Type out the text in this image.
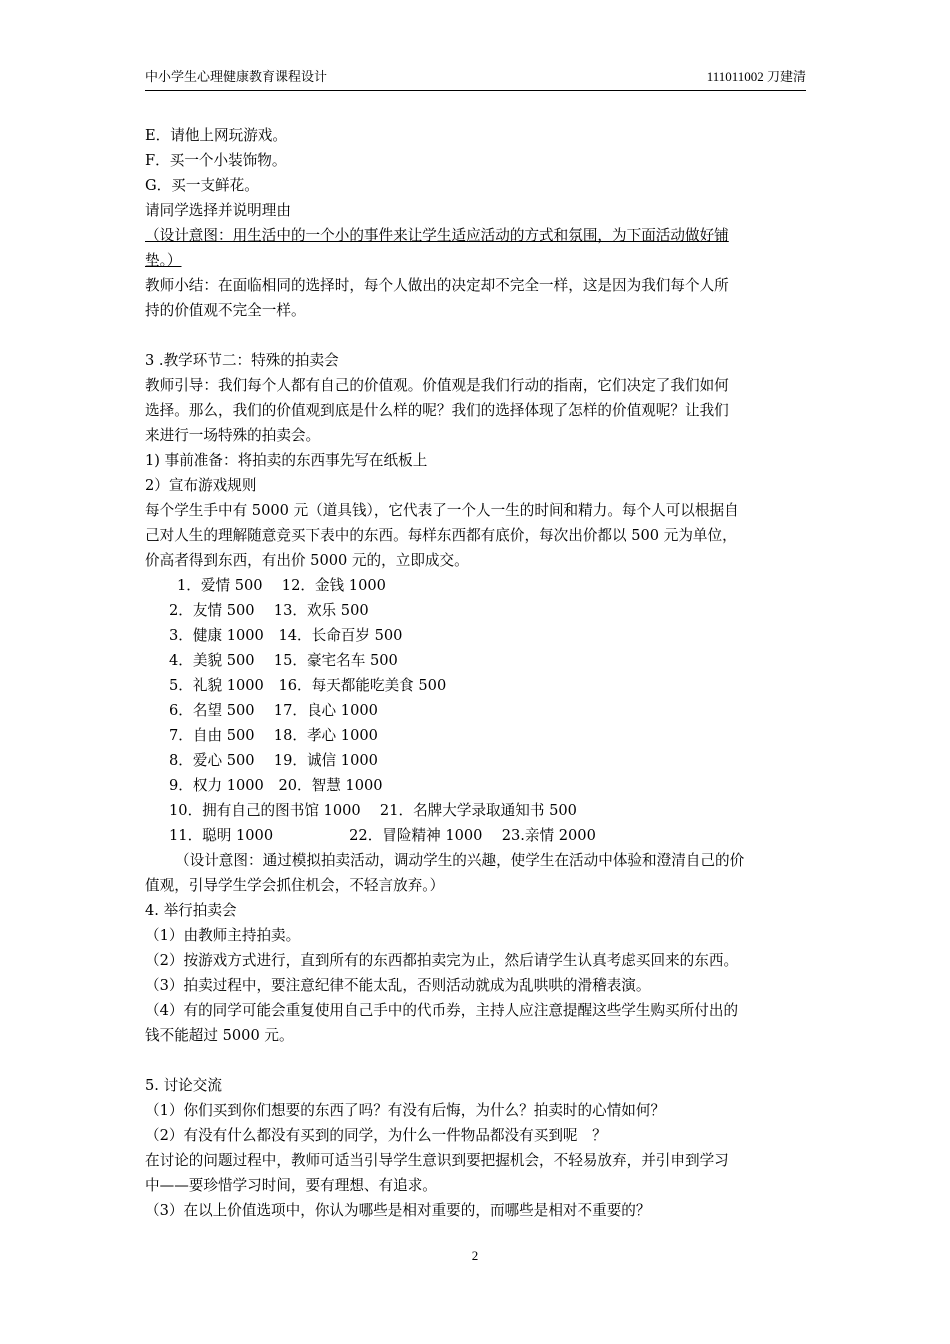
中小学生心理健康教育课程设计	111011002 刀建清

E．请他上网玩游戏。

F．买一个小装饰物。

G．买一支鲜花。

请同学选择并说明理由

（设计意图：用生活中的一个小的事件来让学生适应活动的方式和氛围，为下面活动做好铺

垫。）

教师小结：在面临相同的选择时，每个人做出的决定却不完全一样，这是因为我们每个人所

持的价值观不完全一样。

3 .教学环节二：特殊的拍卖会

教师引导：我们每个人都有自己的价值观。价值观是我们行动的指南，它们决定了我们如何

选择。那么，我们的价值观到底是什么样的呢？我们的选择体现了怎样的价值观呢？让我们

来进行一场特殊的拍卖会。

1) 事前准备：将拍卖的东西事先写在纸板上

2）宣布游戏规则

每个学生手中有 5000 元（道具钱），它代表了一个人一生的时间和精力。每个人可以根据自

己对人生的理解随意竞买下表中的东西。每样东西都有底价，每次出价都以 500 元为单位，

价高者得到东西，有出价 5000 元的，立即成交。

1．爱情 500　 12．金钱 1000

2．友情 500　 13．欢乐 500

3．健康 1000　14．长命百岁 500

4．美貌 500　 15．豪宅名车 500

5．礼貌 1000　16．每天都能吃美食 500

6．名望 500　 17．良心 1000

7．自由 500　 18．孝心 1000

8．爱心 500　 19．诚信 1000

9．权力 1000　20．智慧 1000

10．拥有自己的图书馆 1000　 21．名牌大学录取通知书 500

11．聪明 1000	22．冒险精神 1000　 23.亲情 2000

（设计意图：通过模拟拍卖活动，调动学生的兴趣，使学生在活动中体验和澄清自己的价

值观，引导学生学会抓住机会，不轻言放弃。）

4. 举行拍卖会

（1）由教师主持拍卖。

（2）按游戏方式进行，直到所有的东西都拍卖完为止，然后请学生认真考虑买回来的东西。

（3）拍卖过程中，要注意纪律不能太乱，否则活动就成为乱哄哄的滑稽表演。

（4）有的同学可能会重复使用自己手中的代币券，主持人应注意提醒这些学生购买所付出的

钱不能超过 5000 元。

5. 讨论交流

（1）你们买到你们想要的东西了吗？有没有后悔，为什么？拍卖时的心情如何？

（2）有没有什么都没有买到的同学，为什么一件物品都没有买到呢　？

在讨论的问题过程中，教师可适当引导学生意识到要把握机会，不轻易放弃，并引申到学习

中——要珍惜学习时间，要有理想、有追求。

（3）在以上价值选项中，你认为哪些是相对重要的，而哪些是相对不重要的？

2
